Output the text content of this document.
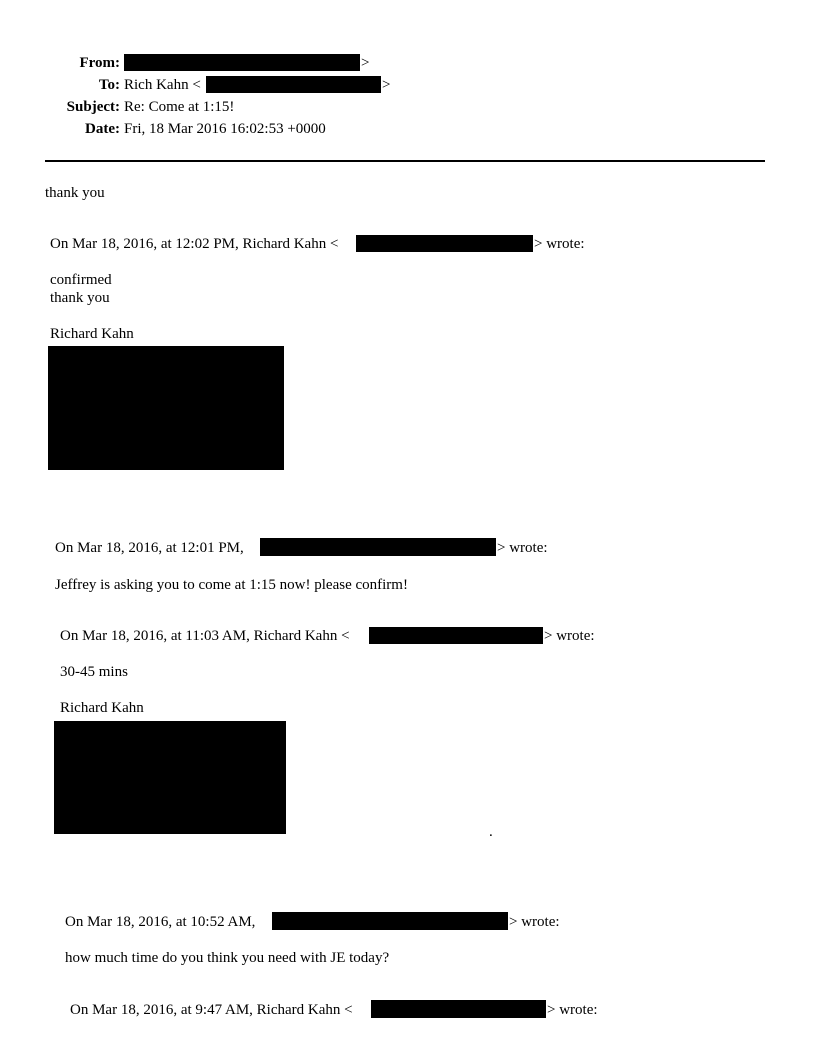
From:	>
To: Rich Kahn <	>
Subject: Re: Come at 1:15!
Date: Fri, 18 Mar 2016 16:02:53 +0000
thank you
On Mar 18, 2016, at 12:02 PM, Richard Kahn <	> wrote:
confirmed
thank you
Richard Kahn
On Mar 18, 2016, at 12:01 PM,	> wrote:
Jeffrey is asking you to come at 1:15 now! please confirm!
On Mar 18, 2016, at 11:03 AM, Richard Kahn <	> wrote:
30-45 mins
Richard Kahn
.
On Mar 18, 2016, at 10:52 AM,	> wrote:
how much time do you think you need with JE today?
On Mar 18, 2016, at 9:47 AM, Richard Kahn <	> wrote:
